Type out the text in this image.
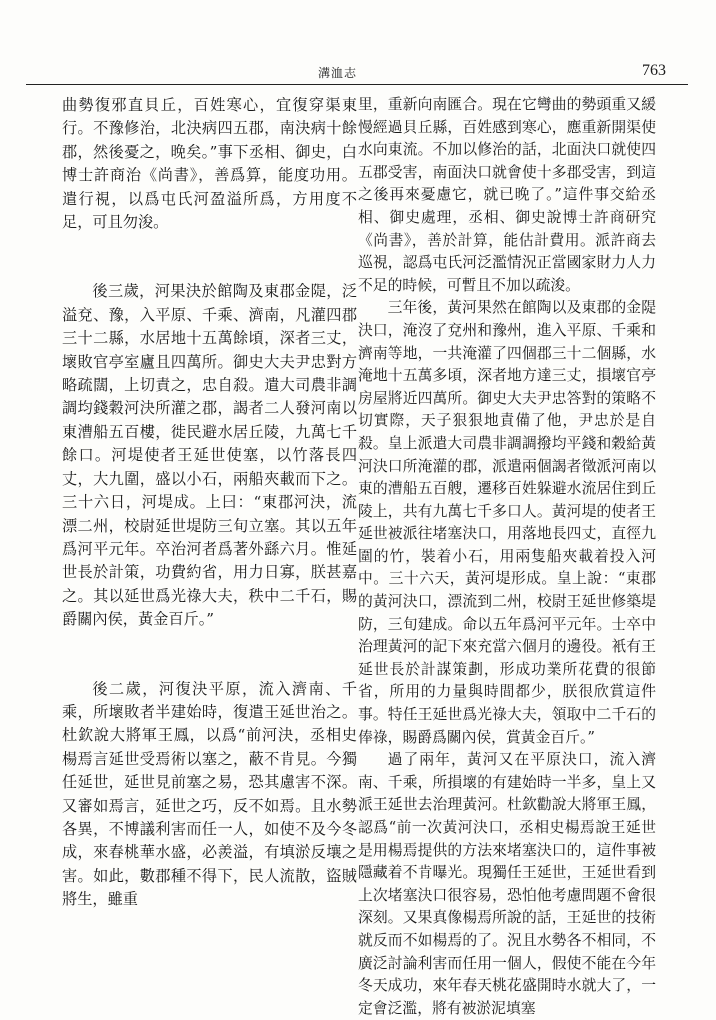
溝洫志	763

曲勢復邪直貝丘，百姓寒心，宜復穿渠東行。不豫修治，北決病四五郡，南決病十餘郡，然後憂之，晚矣。”事下丞相、御史，白博士許商治《尚書》，善爲算，能度功用。遣行視，以爲屯氏河盈溢所爲，方用度不足，可且勿浚。

後三歲，河果決於館陶及東郡金隄，泛溢兗、豫，入平原、千乘、濟南，凡灌四郡三十二縣，水居地十五萬餘頃，深者三丈，壞敗官亭室廬且四萬所。御史大夫尹忠對方略疏闊，上切責之，忠自殺。遣大司農非調調均錢穀河決所灌之郡，謁者二人發河南以東漕船五百樓，徙民避水居丘陵，九萬七千餘口。河堤使者王延世使塞，以竹落長四丈，大九圍，盛以小石，兩船夾載而下之。三十六日，河堤成。上曰：“東郡河決，流漂二州，校尉延世堤防三旬立塞。其以五年爲河平元年。卒治河者爲著外繇六月。惟延世長於計策，功費約省，用力日寡，朕甚嘉之。其以延世爲光祿大夫，秩中二千石，賜爵關內侯，黃金百斤。”

後二歲，河復決平原，流入濟南、千乘，所壞敗者半建始時，復遣王延世治之。杜欽說大將軍王鳳，以爲“前河決，丞相史楊焉言延世受焉術以塞之，蔽不肯見。今獨任延世，延世見前塞之易，恐其慮害不深。又審如焉言，延世之巧，反不如焉。且水勢各異，不博議利害而任一人，如使不及今冬成，來春桃華水盛，必羨溢，有填淤反壤之害。如此，數郡種不得下，民人流散，盜賊將生，雖重

里，重新向南匯合。現在它彎曲的勢頭重又緩慢經過貝丘縣，百姓感到寒心，應重新開渠使水向東流。不加以修治的話，北面決口就使四五郡受害，南面決口就會使十多郡受害，到這之後再來憂慮它，就已晚了。”這件事交給丞相、御史處理，丞相、御史說博士許商研究《尚書》，善於計算，能估計費用。派許商去巡視，認爲屯氏河泛濫情況正當國家財力人力不足的時候，可暫且不加以疏浚。

三年後，黃河果然在館陶以及東郡的金隄決口，淹沒了兗州和豫州，進入平原、千乘和濟南等地，一共淹灌了四個郡三十二個縣，水淹地十五萬多頃，深者地方達三丈，損壞官亭房屋將近四萬所。御史大夫尹忠答對的策略不切實際，天子狠狠地責備了他，尹忠於是自殺。皇上派遣大司農非調調撥均平錢和穀給黃河決口所淹灌的郡，派遣兩個謁者徵派河南以東的漕船五百艘，遷移百姓躲避水流居住到丘陵上，共有九萬七千多口人。黃河堤的使者王延世被派往堵塞決口，用落地長四丈，直徑九圍的竹，裝着小石，用兩隻船夾載着投入河中。三十六天，黃河堤形成。皇上說：“東郡的黃河決口，漂流到二州，校尉王延世修築堤防，三旬建成。命以五年爲河平元年。士卒中治理黃河的記下來充當六個月的邊役。衹有王延世長於計謀策劃，形成功業所花費的很節省，所用的力量與時間都少，朕很欣賞這件事。特任王延世爲光祿大夫，領取中二千石的俸祿，賜爵爲關內侯，賞黃金百斤。”

過了兩年，黃河又在平原決口，流入濟南、千乘，所損壞的有建始時一半多，皇上又派王延世去治理黃河。杜欽勸說大將軍王鳳，認爲“前一次黃河決口，丞相史楊焉說王延世是用楊焉提供的方法來堵塞決口的，這件事被隱藏着不肯曝光。現獨任王延世，王延世看到上次堵塞決口很容易，恐怕他考慮問題不會很深刻。又果真像楊焉所說的話，王延世的技術就反而不如楊焉的了。況且水勢各不相同，不廣泛討論利害而任用一個人，假使不能在今年冬天成功，來年春天桃花盛開時水就大了，一定會泛濫，將有被淤泥填塞
